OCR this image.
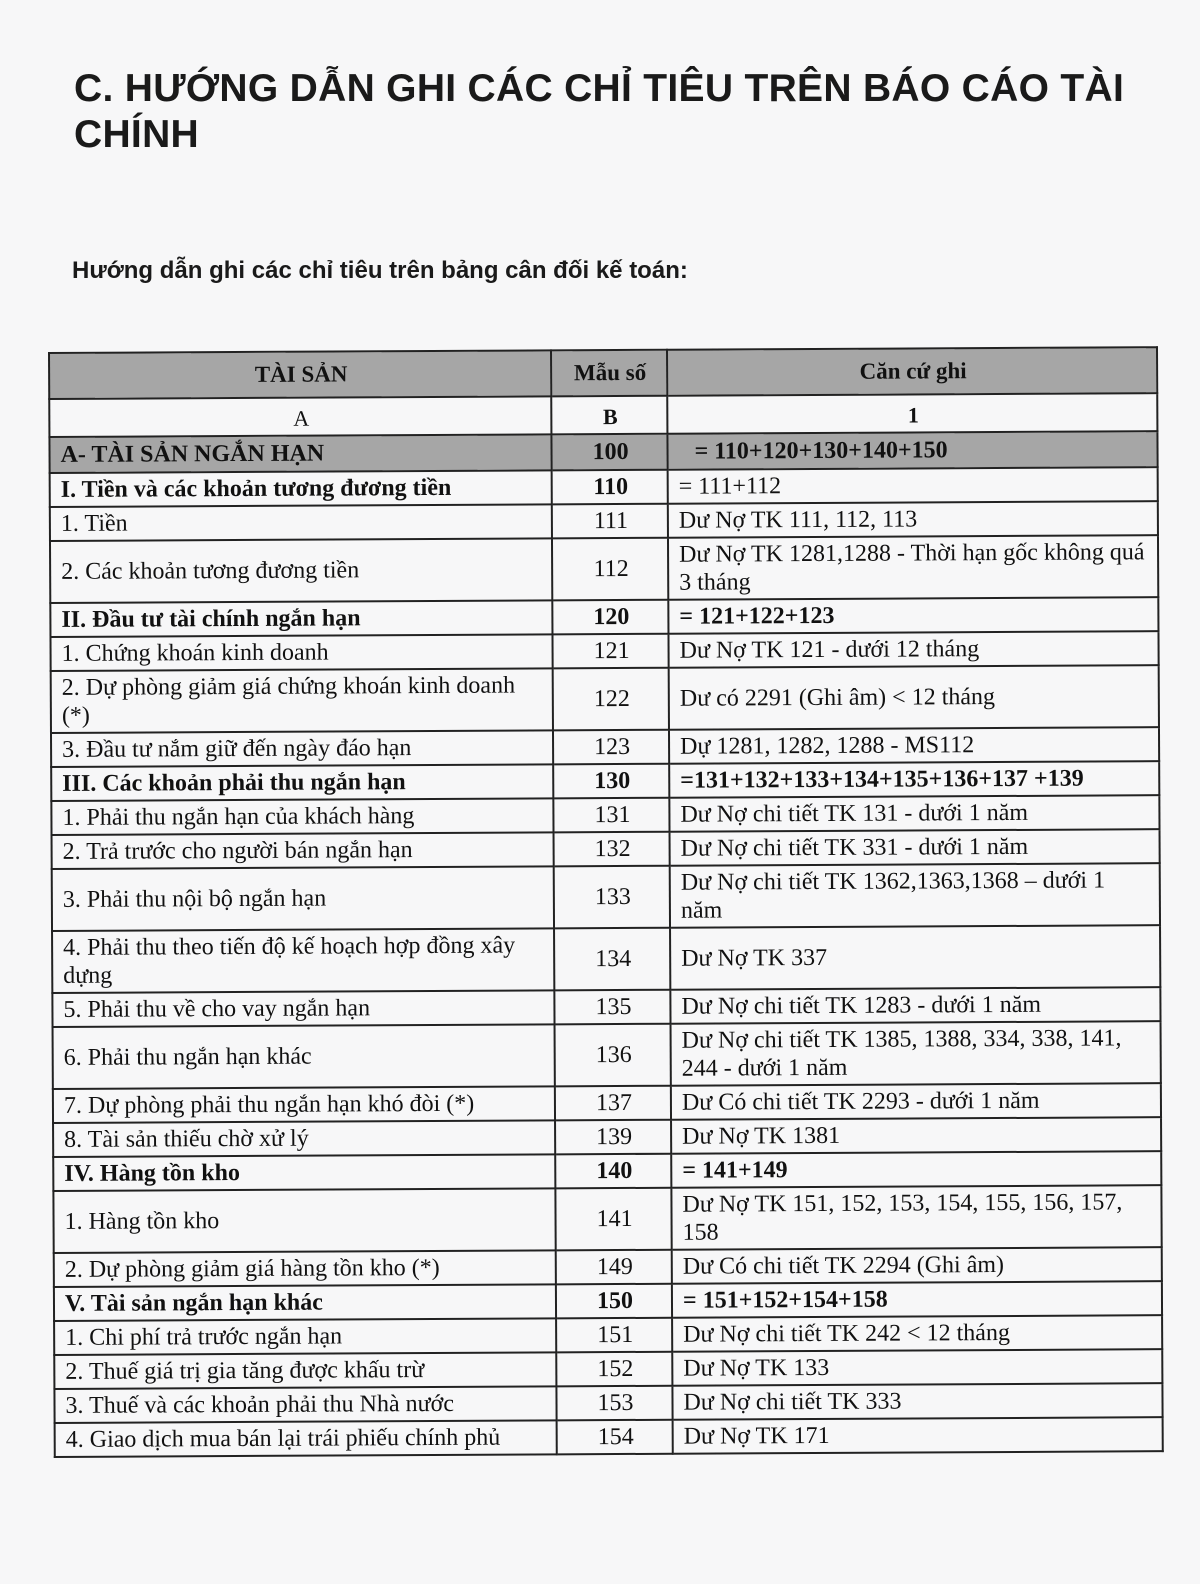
C. HƯỚNG DẪN GHI CÁC CHỈ TIÊU TRÊN BÁO CÁO TÀI CHÍNH
Hướng dẫn ghi các chỉ tiêu trên bảng cân đối kế toán:
TÀI SẢN	Mẫu số	Căn cứ ghi
A	B	1
A- TÀI SẢN NGẮN HẠN	100	= 110+120+130+140+150
I. Tiền và các khoản tương đương tiền	110	= 111+112
1. Tiền	111	Dư Nợ TK 111, 112, 113
2. Các khoản tương đương tiền	112	Dư Nợ TK 1281,1288 - Thời hạn gốc không quá 3 tháng
II. Đầu tư tài chính ngắn hạn	120	= 121+122+123
1. Chứng khoán kinh doanh	121	Dư Nợ TK 121 - dưới 12 tháng
2. Dự phòng giảm giá chứng khoán kinh doanh (*)	122	Dư có 2291 (Ghi âm) < 12 tháng
3. Đầu tư nắm giữ đến ngày đáo hạn	123	Dự 1281, 1282, 1288 - MS112
III. Các khoản phải thu ngắn hạn	130	=131+132+133+134+135+136+137 +139
1. Phải thu ngắn hạn của khách hàng	131	Dư Nợ chi tiết TK 131 - dưới 1 năm
2. Trả trước cho người bán ngắn hạn	132	Dư Nợ chi tiết TK 331 - dưới 1 năm
3. Phải thu nội bộ ngắn hạn	133	Dư Nợ chi tiết TK 1362,1363,1368 – dưới 1 năm
4. Phải thu theo tiến độ kế hoạch hợp đồng xây dựng	134	Dư Nợ TK 337
5. Phải thu về cho vay ngắn hạn	135	Dư Nợ chi tiết TK 1283 - dưới 1 năm
6. Phải thu ngắn hạn khác	136	Dư Nợ chi tiết TK 1385, 1388, 334, 338, 141, 244 - dưới 1 năm
7. Dự phòng phải thu ngắn hạn khó đòi (*)	137	Dư Có chi tiết TK 2293 - dưới 1 năm
8. Tài sản thiếu chờ xử lý	139	Dư Nợ TK 1381
IV. Hàng tồn kho	140	= 141+149
1. Hàng tồn kho	141	Dư Nợ TK 151, 152, 153, 154, 155, 156, 157, 158
2. Dự phòng giảm giá hàng tồn kho (*)	149	Dư Có chi tiết TK 2294 (Ghi âm)
V. Tài sản ngắn hạn khác	150	= 151+152+154+158
1. Chi phí trả trước ngắn hạn	151	Dư Nợ chi tiết TK 242 < 12 tháng
2. Thuế giá trị gia tăng được khấu trừ	152	Dư Nợ TK 133
3. Thuế và các khoản phải thu Nhà nước	153	Dư Nợ chi tiết TK 333
4. Giao dịch mua bán lại trái phiếu chính phủ	154	Dư Nợ TK 171
